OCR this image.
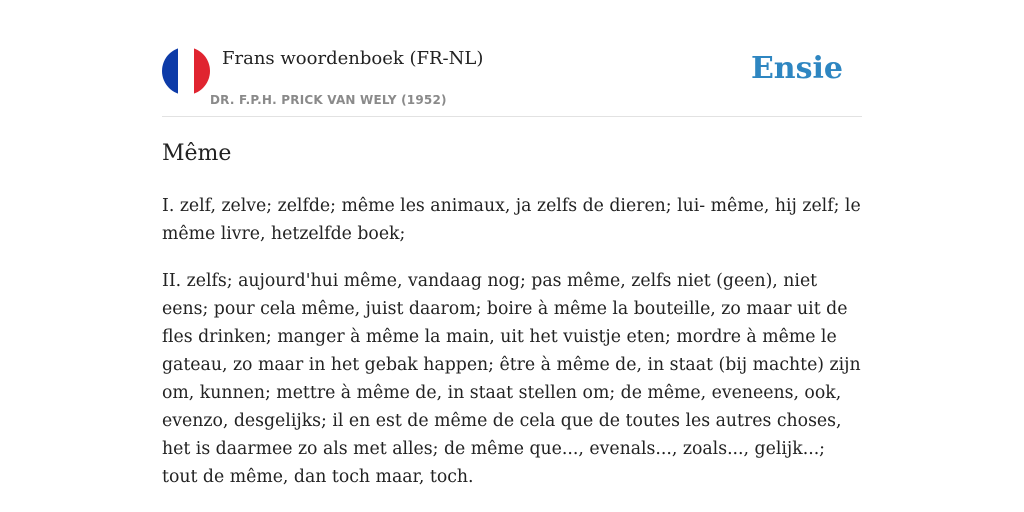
Frans woordenboek (FR-NL)
DR. F.P.H. PRICK VAN WELY (1952)
Ensie
Même

I. zelf, zelve; zelfde; même les animaux, ja zelfs de dieren; lui- même, hij zelf; le même livre, hetzelfde boek;

II. zelfs; aujourd'hui même, vandaag nog; pas même, zelfs niet (geen), niet eens; pour cela même, juist daarom; boire à même la bouteille, zo maar uit de fles drinken; manger à même la main, uit het vuistje eten; mordre à même le gateau, zo maar in het gebak happen; être à même de, in staat (bij machte) zijn om, kunnen; mettre à même de, in staat stellen om; de même, eveneens, ook, evenzo, desgelijks; il en est de même de cela que de toutes les autres choses, het is daarmee zo als met alles; de même que..., evenals..., zoals..., gelijk...; tout de même, dan toch maar, toch.
